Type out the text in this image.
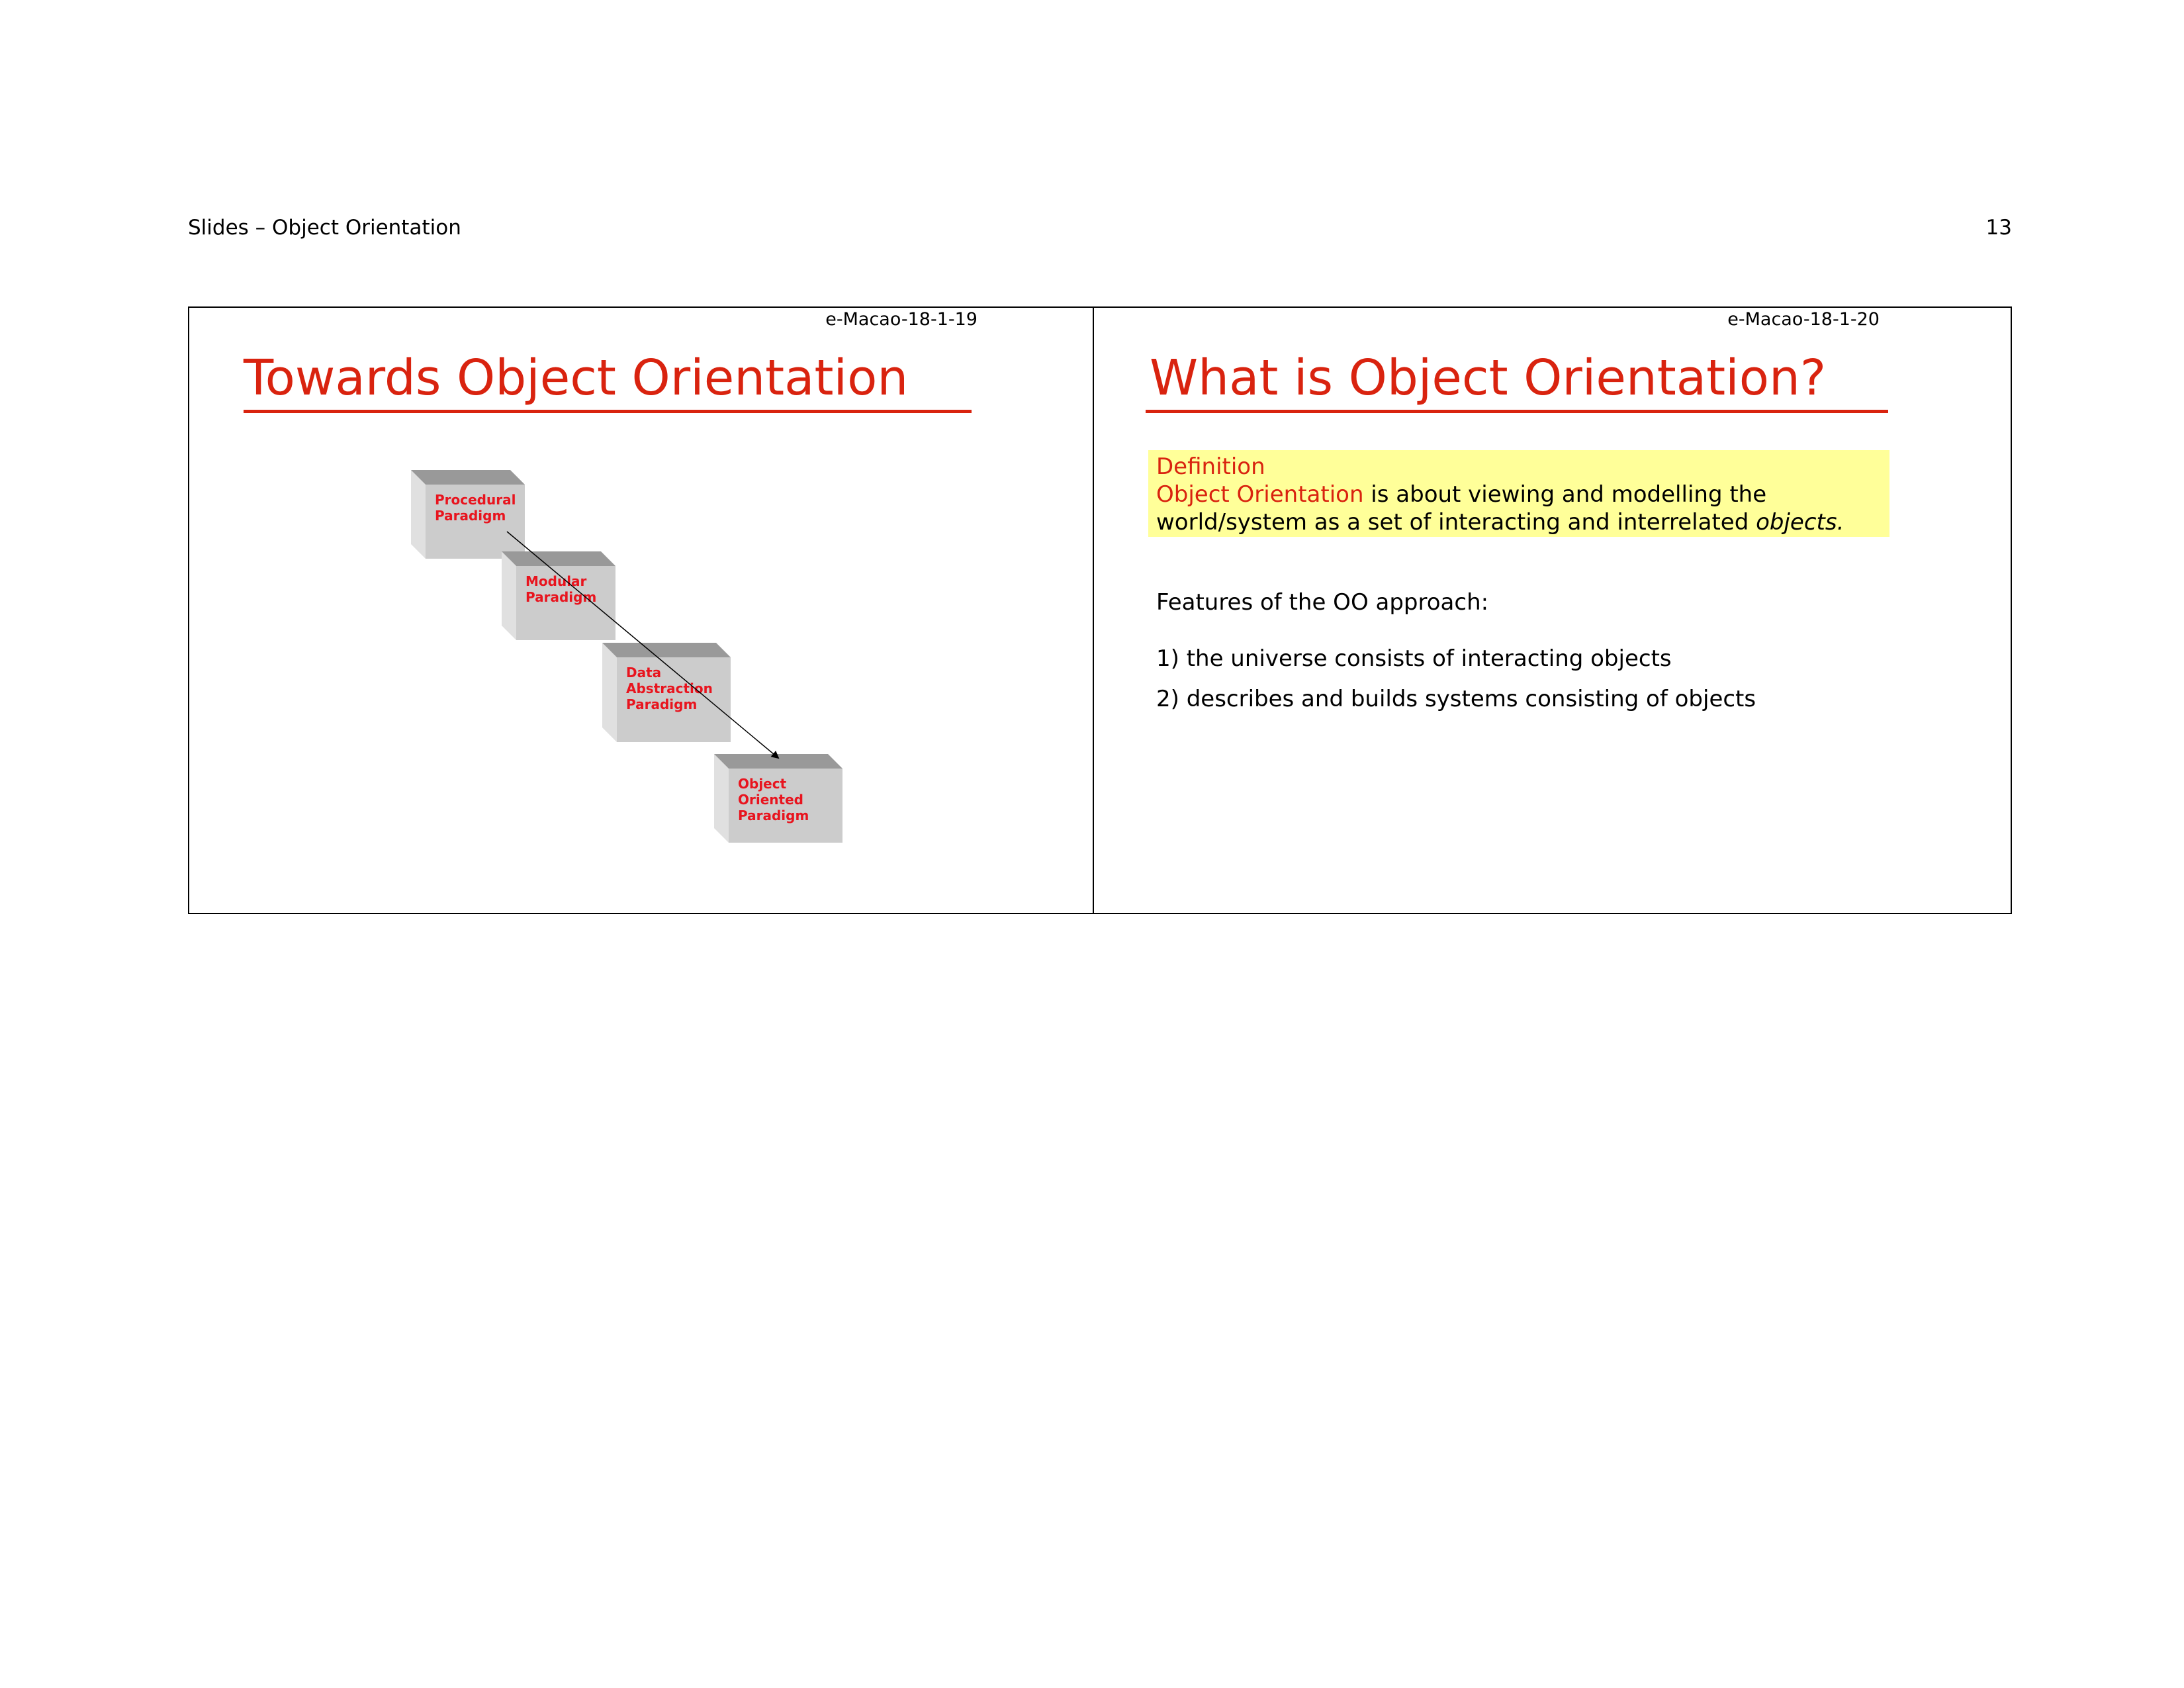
Slides – Object Orientation	13
e-Macao-18-1-19
Towards Object Orientation
Procedural
Paradigm
Modular
Paradigm
Data
Abstraction
Paradigm
Object
Oriented
Paradigm
e-Macao-18-1-20
What is Object Orientation?
Definition
Object Orientation is about viewing and modelling the
world/system as a set of interacting and interrelated objects.
Features of the OO approach:
1) the universe consists of interacting objects
2) describes and builds systems consisting of objects
